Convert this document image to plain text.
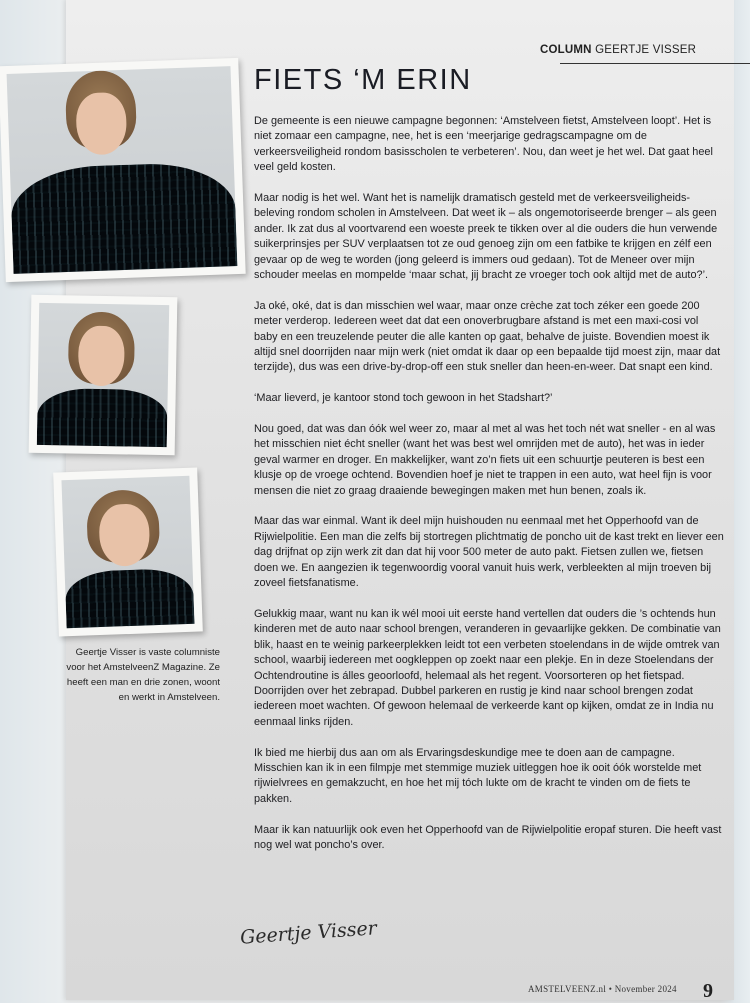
COLUMN GEERTJE VISSER
FIETS ‘M ERIN

De gemeente is een nieuwe campagne begonnen: ‘Amstelveen fietst, Amstelveen loopt’. Het is niet zomaar een campagne, nee, het is een ‘meerjarige gedragscampagne om de verkeersveiligheid rondom basisscholen te verbeteren’. Nou, dan weet je het wel. Dat gaat heel veel geld kosten.

Maar nodig is het wel. Want het is namelijk dramatisch gesteld met de verkeersveiligheids-beleving rondom scholen in Amstelveen. Dat weet ik – als ongemotoriseerde brenger – als geen ander. Ik zat dus al voortvarend een woeste preek te tikken over al die ouders die hun verwende suikerprinsjes per SUV verplaatsen tot ze oud genoeg zijn om een fatbike te krijgen en zélf een gevaar op de weg te worden (jong geleerd is immers oud gedaan). Tot de Meneer over mijn schouder meelas en mompelde ‘maar schat, jij bracht ze vroeger toch ook altijd met de auto?’.

Ja oké, oké, dat is dan misschien wel waar, maar onze crèche zat toch zéker een goede 200 meter verderop. Iedereen weet dat dat een onoverbrugbare afstand is met een maxi-cosi vol baby en een treuzelende peuter die alle kanten op gaat, behalve de juiste. Bovendien moest ik altijd snel doorrijden naar mijn werk (niet omdat ik daar op een bepaalde tijd moest zijn, maar dat terzijde), dus was een drive-by-drop-off een stuk sneller dan heen-en-weer. Dat snapt een kind.

‘Maar lieverd, je kantoor stond toch gewoon in het Stadshart?’

Nou goed, dat was dan óók wel weer zo, maar al met al was het toch nét wat sneller - en al was het misschien niet écht sneller (want het was best wel omrijden met de auto), het was in ieder geval warmer en droger. En makkelijker, want zo’n fiets uit een schuurtje peuteren is best een klusje op de vroege ochtend. Bovendien hoef je niet te trappen in een auto, wat heel fijn is voor mensen die niet zo graag draaiende bewegingen maken met hun benen, zoals ik.

Maar das war einmal. Want ik deel mijn huishouden nu eenmaal met het Opperhoofd van de Rijwielpolitie. Een man die zelfs bij stortregen plichtmatig de poncho uit de kast trekt en liever een dag drijfnat op zijn werk zit dan dat hij voor 500 meter de auto pakt. Fietsen zullen we, fietsen doen we. En aangezien ik tegenwoordig vooral vanuit huis werk, verbleekten al mijn troeven bij zoveel fietsfanatisme.

Gelukkig maar, want nu kan ik wél mooi uit eerste hand vertellen dat ouders die ’s ochtends hun kinderen met de auto naar school brengen, veranderen in gevaarlijke gekken. De combinatie van blik, haast en te weinig parkeerplekken leidt tot een verbeten stoelendans in de wijde omtrek van school, waarbij iedereen met oogkleppen op zoekt naar een plekje. En in deze Stoelendans der Ochtendroutine is álles geoorloofd, helemaal als het regent. Voorsorteren op het fietspad. Doorrijden over het zebrapad. Dubbel parkeren en rustig je kind naar school brengen zodat iedereen moet wachten. Of gewoon helemaal de verkeerde kant op kijken, omdat ze in India nu eenmaal links rijden.

Ik bied me hierbij dus aan om als Ervaringsdeskundige mee te doen aan de campagne. Misschien kan ik in een filmpje met stemmige muziek uitleggen hoe ik ooit óók worstelde met rijwielvrees en gemakzucht, en hoe het mij tóch lukte om de kracht te vinden om de fiets te pakken.

Maar ik kan natuurlijk ook even het Opperhoofd van de Rijwielpolitie eropaf sturen. Die heeft vast nog wel wat poncho’s over.

Geertje Visser
AMSTELVEENZ.nl • November 2024 9
Geertje Visser is vaste columniste voor het AmstelveenZ Magazine. Ze heeft een man en drie zonen, woont en werkt in Amstelveen.
